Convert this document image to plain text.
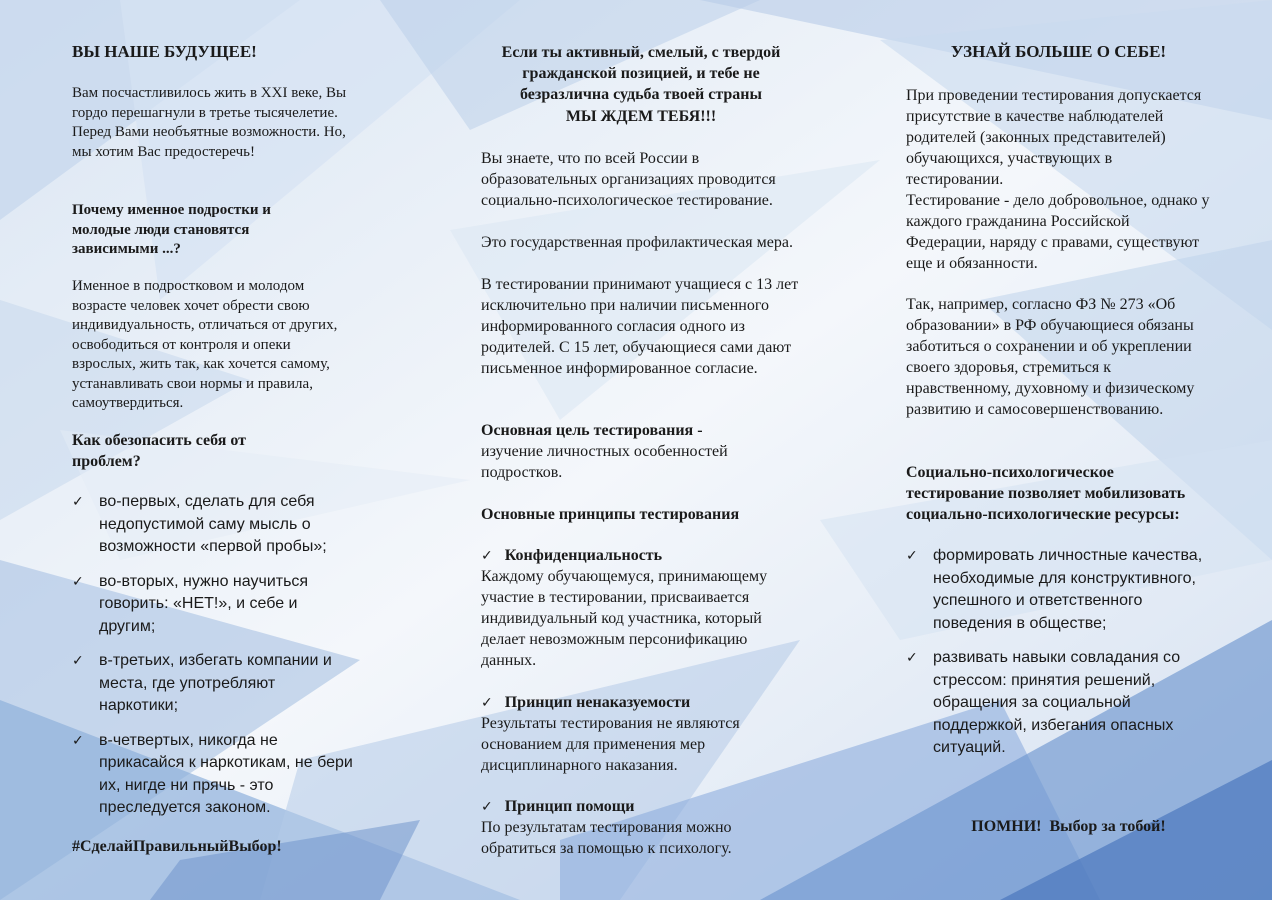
ВЫ НАШЕ БУДУЩЕЕ!

Вам посчастливилось жить в XXI веке, Вы гордо перешагнули в третье тысячелетие. Перед Вами необъятные возможности. Но, мы хотим Вас предостеречь!

Почему именное подростки и молодые люди становятся зависимыми ...?

Именное в подростковом и молодом возрасте человек хочет обрести свою индивидуальность, отличаться от других, освободиться от контроля и опеки взрослых, жить так, как хочется самому, устанавливать свои нормы и правила, самоутвердиться.

Как обезопасить себя от проблем?

✓ во-первых, сделать для себя недопустимой саму мысль о возможности «первой пробы»;
✓ во-вторых, нужно научиться говорить: «НЕТ!», и себе и другим;
✓ в-третьих, избегать компании и места, где употребляют наркотики;
✓ в-четвертых, никогда не прикасайся к наркотикам, не бери их, нигде ни прячь - это преследуется законом.

#СделайПравильныйВыбор!

Если ты активный, смелый, с твердой гражданской позицией, и тебе не безразлична судьба твоей страны

МЫ ЖДЕМ ТЕБЯ!!!

Вы знаете, что по всей России в образовательных организациях проводится социально-психологическое тестирование.

Это государственная профилактическая мера.

В тестировании принимают учащиеся с 13 лет исключительно при наличии письменного информированного согласия одного из родителей. С 15 лет, обучающиеся сами дают письменное информированное согласие.

Основная цель тестирования -

изучение личностных особенностей подростков.

Основные принципы тестирования

✓ Конфиденциальность

Каждому обучающемуся, принимающему участие в тестировании, присваивается индивидуальный код участника, который делает невозможным персонификацию данных.

✓ Принцип ненаказуемости

Результаты тестирования не являются основанием для применения мер дисциплинарного наказания.

✓ Принцип помощи

По результатам тестирования можно обратиться за помощью к психологу.

УЗНАЙ БОЛЬШЕ О СЕБЕ!

При проведении тестирования допускается присутствие в качестве наблюдателей родителей (законных представителей) обучающихся, участвующих в тестировании.

Тестирование - дело добровольное, однако у каждого гражданина Российской Федерации, наряду с правами, существуют еще и обязанности.

Так, например, согласно ФЗ № 273 «Об образовании» в РФ обучающиеся обязаны заботиться о сохранении и об укреплении своего здоровья, стремиться к нравственному, духовному и физическому развитию и самосовершенствованию.

Социально-психологическое тестирование позволяет мобилизовать социально-психологические ресурсы:

✓ формировать личностные качества, необходимые для конструктивного, успешного и ответственного поведения в обществе;
✓ развивать навыки совладания со стрессом: принятия решений, обращения за социальной поддержкой, избегания опасных ситуаций.

ПОМНИ!  Выбор за тобой!
